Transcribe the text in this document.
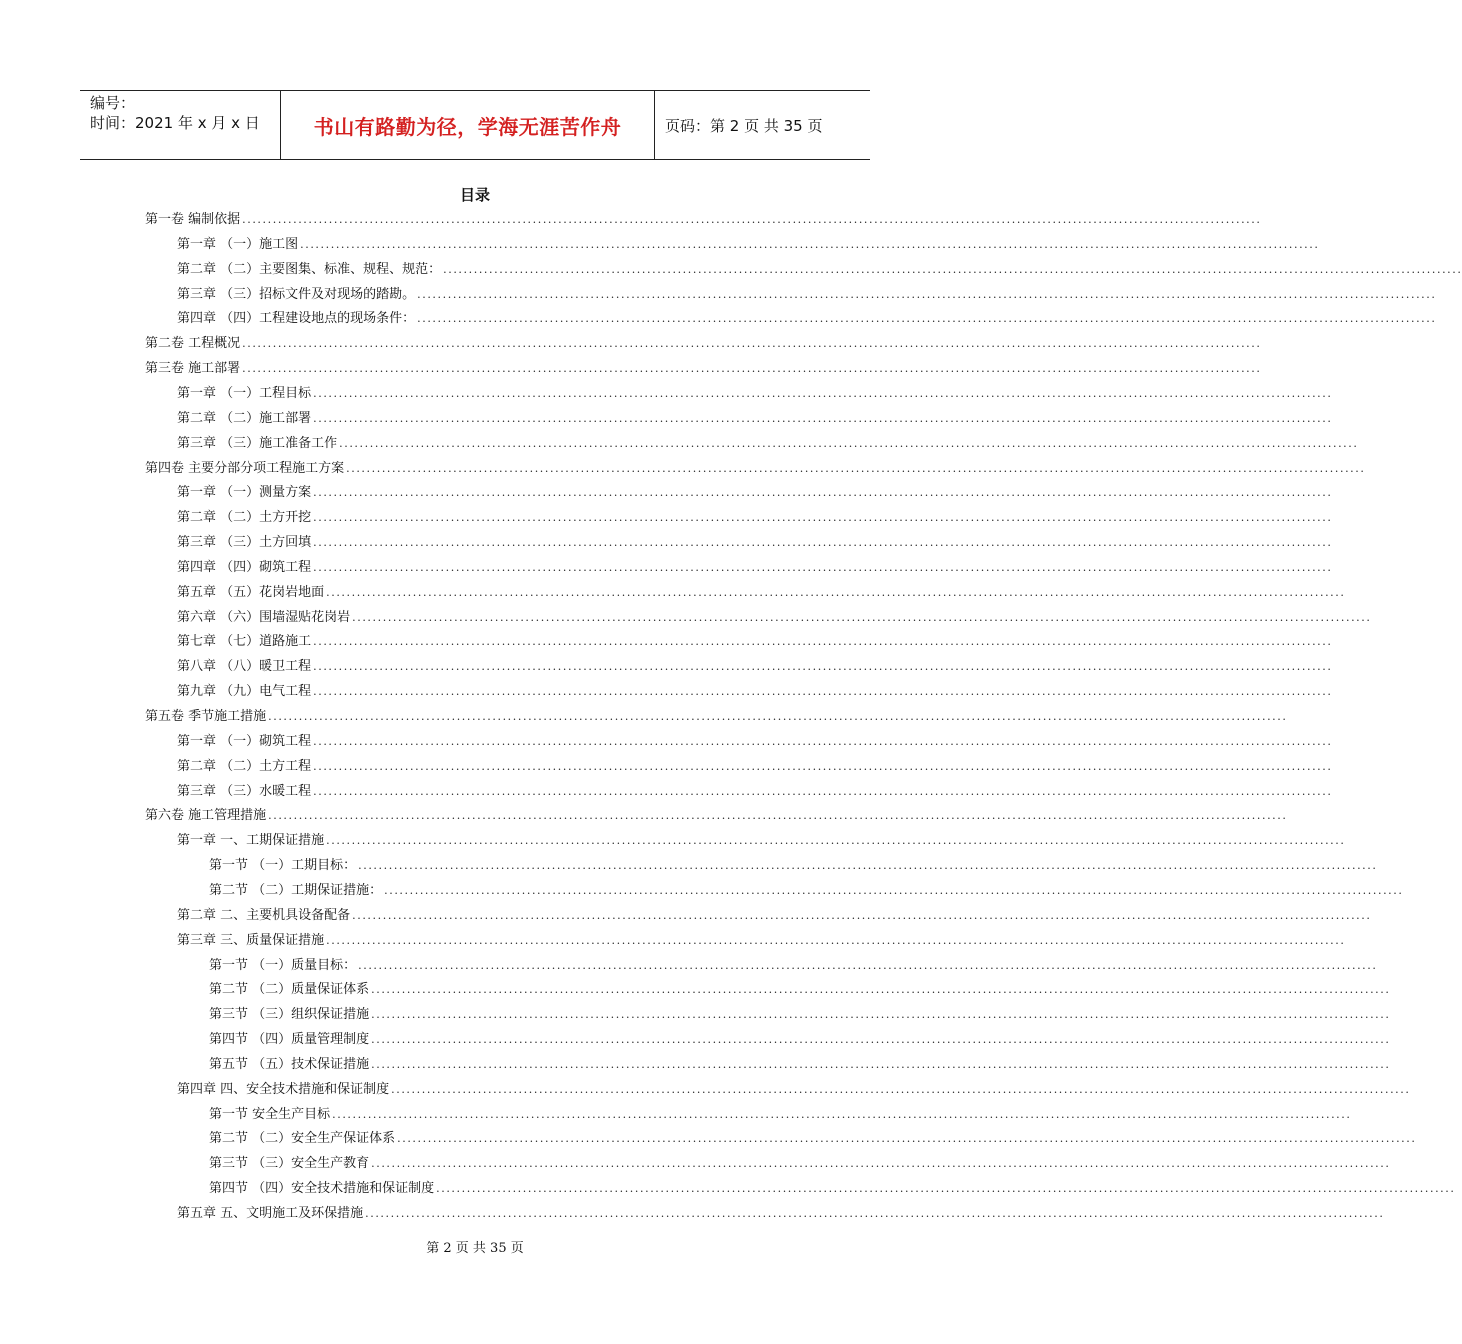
编号：
时间：2021 年 x 月 x 日	书山有路勤为径，学海无涯苦作舟	页码：第 2 页 共 35 页
目录
第一卷 编制依据 ........................................................................................................................................................................................................
第一章 （一）施工图 ........................................................................................................................................................................................................
第二章 （二）主要图集、标准、规程、规范： ........................................................................................................................................................................................................
第三章 （三）招标文件及对现场的踏勘。 ........................................................................................................................................................................................................
第四章 （四）工程建设地点的现场条件： ........................................................................................................................................................................................................
第二卷 工程概况 ........................................................................................................................................................................................................
第三卷 施工部署 ........................................................................................................................................................................................................
第一章 （一）工程目标 ........................................................................................................................................................................................................
第二章 （二）施工部署 ........................................................................................................................................................................................................
第三章 （三）施工准备工作 ........................................................................................................................................................................................................
第四卷 主要分部分项工程施工方案 ........................................................................................................................................................................................................
第一章 （一）测量方案 ........................................................................................................................................................................................................
第二章 （二）土方开挖 ........................................................................................................................................................................................................
第三章 （三）土方回填 ........................................................................................................................................................................................................
第四章 （四）砌筑工程 ........................................................................................................................................................................................................
第五章 （五）花岗岩地面 ........................................................................................................................................................................................................
第六章 （六）围墙湿贴花岗岩 ........................................................................................................................................................................................................
第七章 （七）道路施工 ........................................................................................................................................................................................................
第八章 （八）暖卫工程 ........................................................................................................................................................................................................
第九章 （九）电气工程 ........................................................................................................................................................................................................
第五卷 季节施工措施 ........................................................................................................................................................................................................
第一章 （一）砌筑工程 ........................................................................................................................................................................................................
第二章 （二）土方工程 ........................................................................................................................................................................................................
第三章 （三）水暖工程 ........................................................................................................................................................................................................
第六卷 施工管理措施 ........................................................................................................................................................................................................
第一章 一、工期保证措施 ........................................................................................................................................................................................................
第一节 （一）工期目标： ........................................................................................................................................................................................................
第二节 （二）工期保证措施： ........................................................................................................................................................................................................
第二章 二、主要机具设备配备 ........................................................................................................................................................................................................
第三章 三、质量保证措施 ........................................................................................................................................................................................................
第一节 （一）质量目标： ........................................................................................................................................................................................................
第二节 （二）质量保证体系 ........................................................................................................................................................................................................
第三节 （三）组织保证措施 ........................................................................................................................................................................................................
第四节 （四）质量管理制度 ........................................................................................................................................................................................................
第五节 （五）技术保证措施 ........................................................................................................................................................................................................
第四章 四、安全技术措施和保证制度 ........................................................................................................................................................................................................
第一节 安全生产目标 ........................................................................................................................................................................................................
第二节 （二）安全生产保证体系 ........................................................................................................................................................................................................
第三节 （三）安全生产教育 ........................................................................................................................................................................................................
第四节 （四）安全技术措施和保证制度 ........................................................................................................................................................................................................
第五章 五、文明施工及环保措施 ........................................................................................................................................................................................................
第 2 页 共 35 页
